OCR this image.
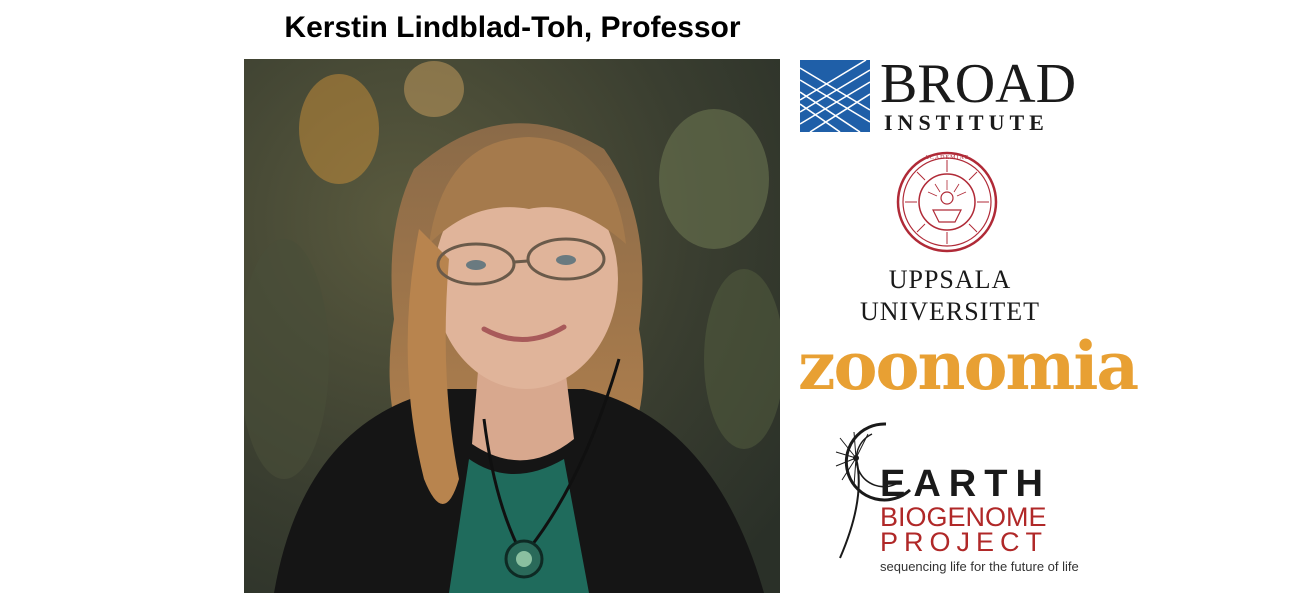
Kerstin Lindblad-Toh, Professor
BROAD
INSTITUTE
ACADEMIAE
UPPSALA
UNIVERSITET
zoonomia
EARTH
BIOGENOME
PROJECT
sequencing life for the future of life
